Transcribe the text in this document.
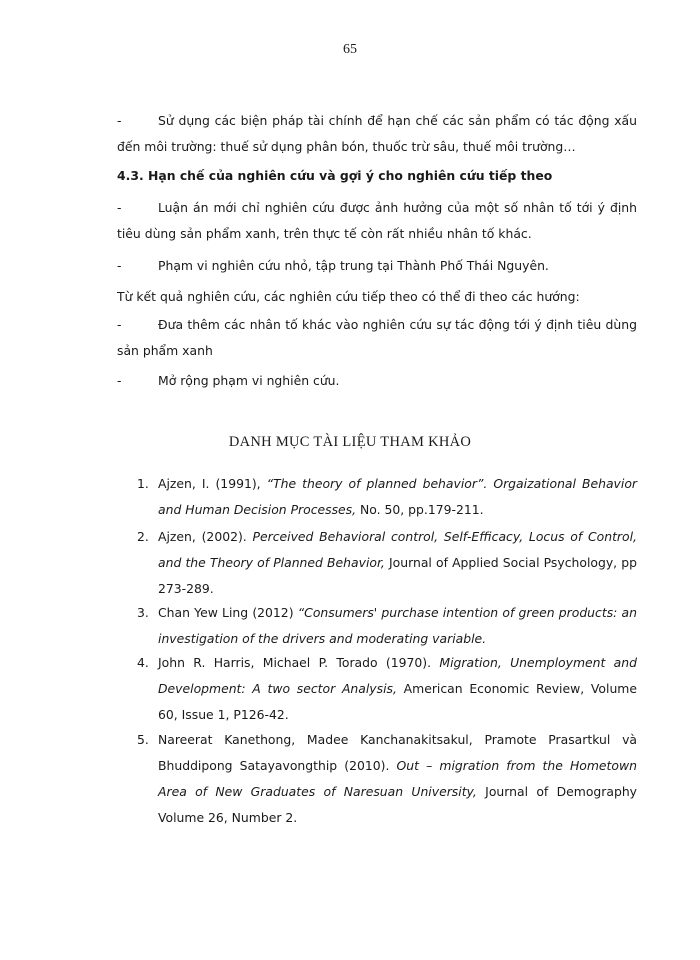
65
-	Sử dụng các biện pháp tài chính để hạn chế các sản phẩm có tác động xấu đến môi trường: thuế sử dụng phân bón, thuốc trừ sâu, thuế môi trường…
4.3. Hạn chế của nghiên cứu và gợi ý cho nghiên cứu tiếp theo
-	Luận án mới chỉ nghiên cứu được ảnh hưởng của một số nhân tố tới ý định tiêu dùng sản phẩm xanh, trên thực tế còn rất nhiều nhân tố khác.
-	Phạm vi nghiên cứu nhỏ, tập trung tại Thành Phố Thái Nguyên.
Từ kết quả nghiên cứu, các nghiên cứu tiếp theo có thể đi theo các hướng:
-	Đưa thêm các nhân tố khác vào nghiên cứu sự tác động tới ý định tiêu dùng sản phẩm xanh
-	Mở rộng phạm vi nghiên cứu.
DANH MỤC TÀI LIỆU THAM KHẢO
1. Ajzen, I. (1991), “The theory of planned behavior”. Orgaizational Behavior and Human Decision Processes, No. 50, pp.179-211.
2. Ajzen, (2002). Perceived Behavioral control, Self-Efficacy, Locus of Control, and the Theory of Planned Behavior, Journal of Applied Social Psychology, pp 273-289.
3. Chan Yew Ling (2012) “Consumers' purchase intention of green products: an investigation of the drivers and moderating variable.
4. John R. Harris, Michael P. Torado (1970). Migration, Unemployment and Development: A two sector Analysis, American Economic Review, Volume 60, Issue 1, P126-42.
5. Nareerat Kanethong, Madee Kanchanakitsakul, Pramote Prasartkul và Bhuddipong Satayavongthip (2010). Out – migration from the Hometown Area of New Graduates of Naresuan University, Journal of Demography Volume 26, Number 2.
